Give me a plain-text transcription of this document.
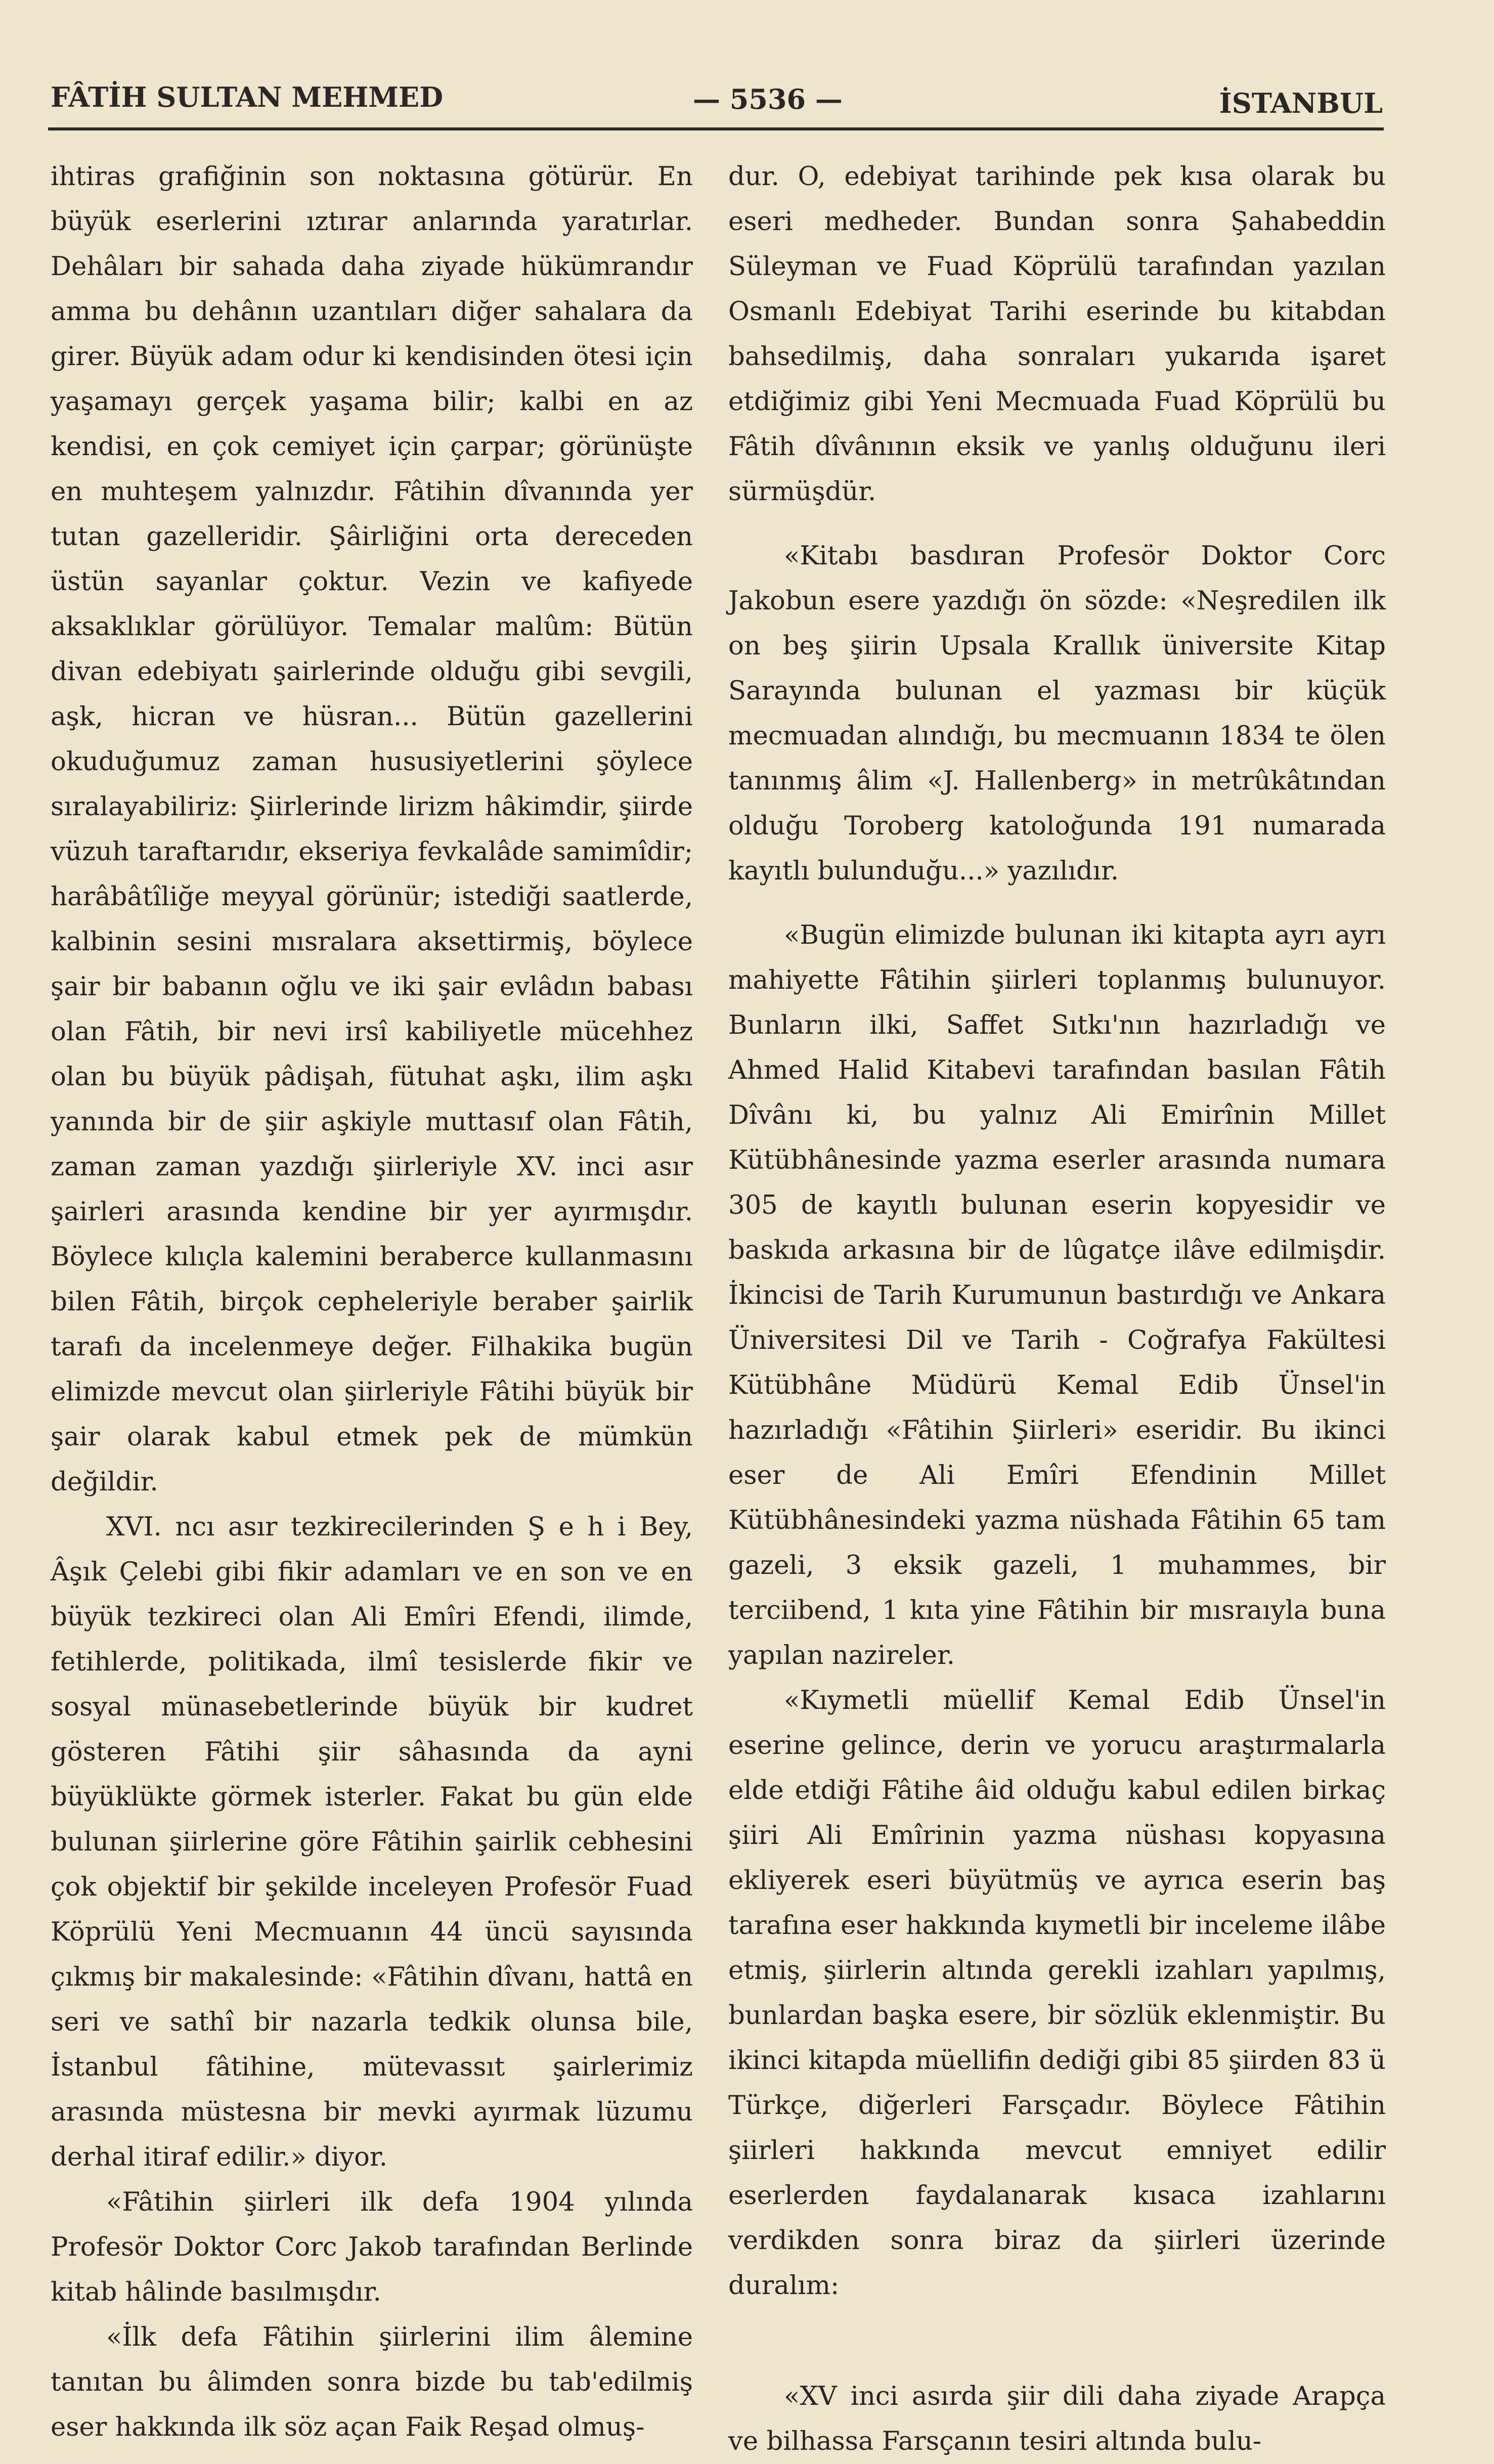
FÂTİH SULTAN MEHMED	— 5536 —	İSTANBUL

ihtiras grafiğinin son noktasına götürür. En büyük eserlerini ıztırar anlarında yaratırlar. Dehâları bir sahada daha ziyade hükümrandır amma bu dehânın uzantıları diğer sahalara da girer. Büyük adam odur ki kendisinden ötesi için yaşamayı gerçek yaşama bilir; kalbi en az kendisi, en çok cemiyet için çarpar; görünüşte en muhteşem yalnızdır. Fâtihin dîvanında yer tutan gazelleridir. Şâirliğini orta dereceden üstün sayanlar çoktur. Vezin ve kafiyede aksaklıklar görülüyor. Temalar malûm: Bütün divan edebiyatı şairlerinde olduğu gibi sevgili, aşk, hicran ve hüsran... Bütün gazellerini okuduğumuz zaman hususiyetlerini şöylece sıralayabiliriz: Şiirlerinde lirizm hâkimdir, şiirde vüzuh taraftarıdır, ekseriya fevkalâde samimîdir; harâbâtîliğe meyyal görünür; istediği saatlerde, kalbinin sesini mısralara aksettirmiş, böylece şair bir babanın oğlu ve iki şair evlâdın babası olan Fâtih, bir nevi irsî kabiliyetle mücehhez olan bu büyük pâdişah, fütuhat aşkı, ilim aşkı yanında bir de şiir aşkiyle muttasıf olan Fâtih, zaman zaman yazdığı şiirleriyle XV. inci asır şairleri arasında kendine bir yer ayırmışdır. Böylece kılıçla kalemini beraberce kullanmasını bilen Fâtih, birçok cepheleriyle beraber şairlik tarafı da incelenmeye değer. Filhakika bugün elimizde mevcut olan şiirleriyle Fâtihi büyük bir şair olarak kabul etmek pek de mümkün değildir.

XVI. ncı asır tezkirecilerinden Ş e h i Bey, Âşık Çelebi gibi fikir adamları ve en son ve en büyük tezkireci olan Ali Emîri Efendi, ilimde, fetihlerde, politikada, ilmî tesislerde fikir ve sosyal münasebetlerinde büyük bir kudret gösteren Fâtihi şiir sâhasında da ayni büyüklükte görmek isterler. Fakat bu gün elde bulunan şiirlerine göre Fâtihin şairlik cebhesini çok objektif bir şekilde inceleyen Profesör Fuad Köprülü Yeni Mecmuanın 44 üncü sayısında çıkmış bir makalesinde: «Fâtihin dîvanı, hattâ en seri ve sathî bir nazarla tedkik olunsa bile, İstanbul fâtihine, mütevassıt şairlerimiz arasında müstesna bir mevki ayırmak lüzumu derhal itiraf edilir.» diyor.

«Fâtihin şiirleri ilk defa 1904 yılında Profesör Doktor Corc Jakob tarafından Berlinde kitab hâlinde basılmışdır.

«İlk defa Fâtihin şiirlerini ilim âlemine tanıtan bu âlimden sonra bizde bu tab'edilmiş eser hakkında ilk söz açan Faik Reşad olmuş-

dur. O, edebiyat tarihinde pek kısa olarak bu eseri medheder. Bundan sonra Şahabeddin Süleyman ve Fuad Köprülü tarafından yazılan Osmanlı Edebiyat Tarihi eserinde bu kitabdan bahsedilmiş, daha sonraları yukarıda işaret etdiğimiz gibi Yeni Mecmuada Fuad Köprülü bu Fâtih dîvânının eksik ve yanlış olduğunu ileri sürmüşdür.

«Kitabı basdıran Profesör Doktor Corc Jakobun esere yazdığı ön sözde: «Neşredilen ilk on beş şiirin Upsala Krallık üniversite Kitap Sarayında bulunan el yazması bir küçük mecmuadan alındığı, bu mecmuanın 1834 te ölen tanınmış âlim «J. Hallenberg» in metrûkâtından olduğu Toroberg katoloğunda 191 numarada kayıtlı bulunduğu...» yazılıdır.

«Bugün elimizde bulunan iki kitapta ayrı ayrı mahiyette Fâtihin şiirleri toplanmış bulunuyor. Bunların ilki, Saffet Sıtkı'nın hazırladığı ve Ahmed Halid Kitabevi tarafından basılan Fâtih Dîvânı ki, bu yalnız Ali Emirînin Millet Kütübhânesinde yazma eserler arasında numara 305 de kayıtlı bulunan eserin kopyesidir ve baskıda arkasına bir de lûgatçe ilâve edilmişdir. İkincisi de Tarih Kurumunun bastırdığı ve Ankara Üniversitesi Dil ve Tarih - Coğrafya Fakültesi Kütübhâne Müdürü Kemal Edib Ünsel'in hazırladığı «Fâtihin Şiirleri» eseridir. Bu ikinci eser de Ali Emîri Efendinin Millet Kütübhânesindeki yazma nüshada Fâtihin 65 tam gazeli, 3 eksik gazeli, 1 muhammes, bir terciibend, 1 kıta yine Fâtihin bir mısraıyla buna yapılan nazireler.

«Kıymetli müellif Kemal Edib Ünsel'in eserine gelince, derin ve yorucu araştırmalarla elde etdiği Fâtihe âid olduğu kabul edilen birkaç şiiri Ali Emîrinin yazma nüshası kopyasına ekliyerek eseri büyütmüş ve ayrıca eserin baş tarafına eser hakkında kıymetli bir inceleme ilâbe etmiş, şiirlerin altında gerekli izahları yapılmış, bunlardan başka esere, bir sözlük eklenmiştir. Bu ikinci kitapda müellifin dediği gibi 85 şiirden 83 ü Türkçe, diğerleri Farsçadır. Böylece Fâtihin şiirleri hakkında mevcut emniyet edilir eserlerden faydalanarak kısaca izahlarını verdikden sonra biraz da şiirleri üzerinde duralım:

«XV inci asırda şiir dili daha ziyade Arapça ve bilhassa Farsçanın tesiri altında bulu-
